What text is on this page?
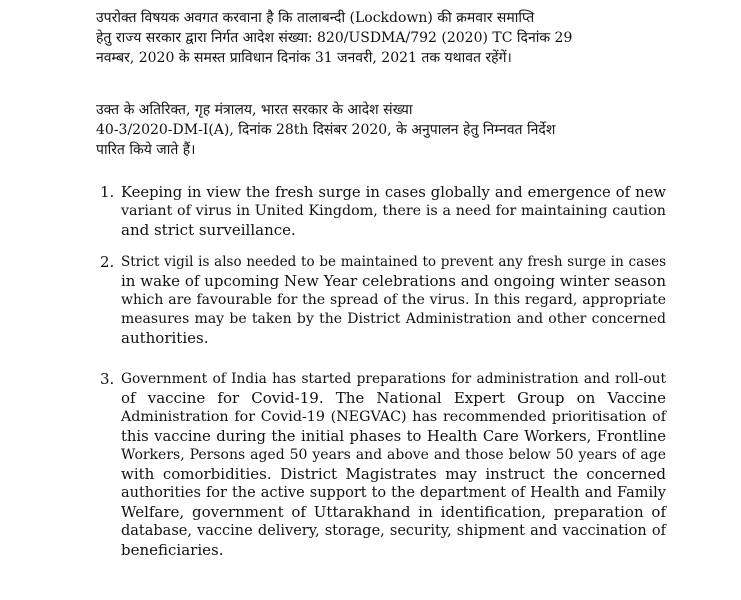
उपरोक्त विषयक अवगत करवाना है कि तालाबन्दी (Lockdown) की क्रमवार समाप्ति
हेतु राज्य सरकार द्वारा निर्गत आदेश संख्या: 820/USDMA/792 (2020) TC दिनांक 29
नवम्बर, 2020 के समस्त प्राविधान दिनांक 31 जनवरी, 2021 तक यथावत रहेंगें।
उक्त के अतिरिक्त, गृह मंत्रालय, भारत सरकार के आदेश संख्या
40-3/2020-DM-I(A), दिनांक 28th दिसंबर 2020, के अनुपालन हेतु निम्नवत निर्देश
पारित किये जाते हैं।
1. Keeping in view the fresh surge in cases globally and emergence of new
variant of virus in United Kingdom, there is a need for maintaining caution
and strict surveillance.
2. Strict vigil is also needed to be maintained to prevent any fresh surge in cases
in wake of upcoming New Year celebrations and ongoing winter season
which are favourable for the spread of the virus. In this regard, appropriate
measures may be taken by the District Administration and other concerned
authorities.
3. Government of India has started preparations for administration and roll-out
of vaccine for Covid-19. The National Expert Group on Vaccine
Administration for Covid-19 (NEGVAC) has recommended prioritisation of
this vaccine during the initial phases to Health Care Workers, Frontline
Workers, Persons aged 50 years and above and those below 50 years of age
with comorbidities. District Magistrates may instruct the concerned
authorities for the active support to the department of Health and Family
Welfare, government of Uttarakhand in identification, preparation of
database, vaccine delivery, storage, security, shipment and vaccination of
beneficiaries.
